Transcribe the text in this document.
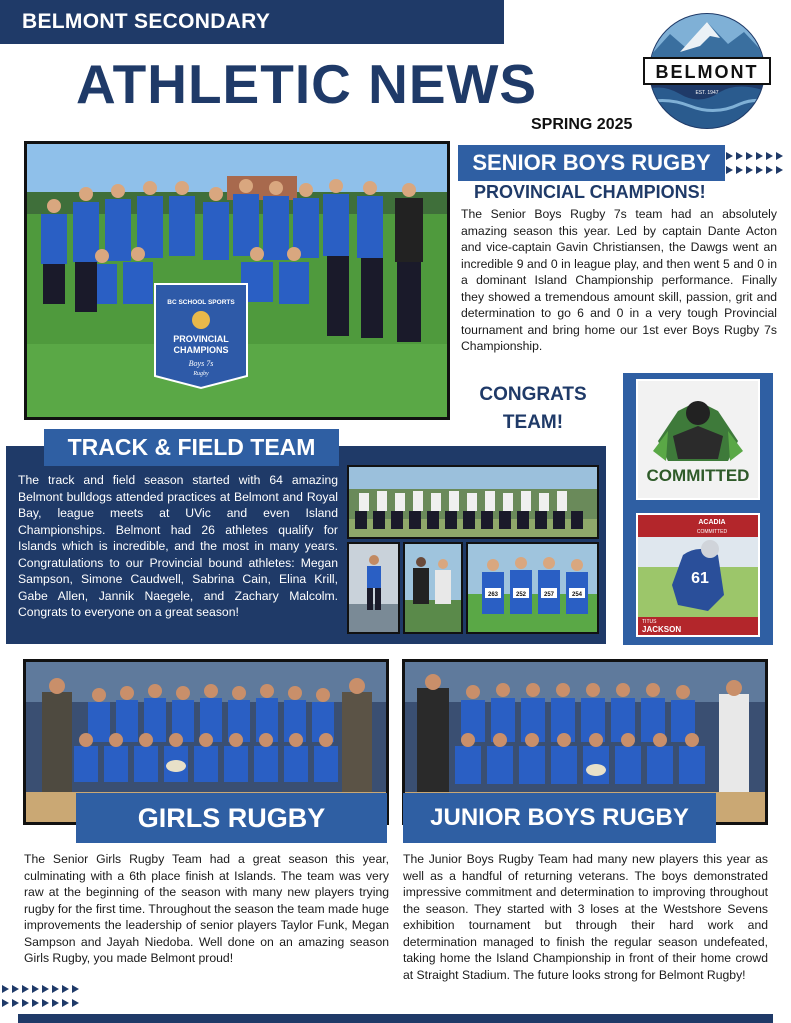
BELMONT SECONDARY
ATHLETIC NEWS
SPRING 2025
BELMONT
EST. 1947
BC SCHOOL SPORTS
PROVINCIAL
CHAMPIONS
Boys 7s
Rugby
SENIOR BOYS RUGBY
PROVINCIAL CHAMPIONS!
The Senior Boys Rugby 7s team had an absolutely amazing season this year. Led by captain Dante Acton and vice-captain Gavin Christiansen, the Dawgs went an incredible 9 and 0 in league play, and then went 5 and 0 in a dominant Island Championship performance. Finally they showed a tremendous amount skill, passion, grit and determination to go 6 and 0 in a very tough Provincial tournament and bring home our 1st ever Boys Rugby 7s Championship.
CONGRATS
TEAM!
COMMITTED
61
ACADIA
COMMITTED
TITUS
JACKSON
TRACK & FIELD TEAM
The track and field season started with 64 amazing Belmont bulldogs attended practices at Belmont and Royal Bay, league meets at UVic and even Island Championships. Belmont had 26 athletes qualify for Islands which is incredible, and the most in many years. Congratulations to our Provincial bound athletes: Megan Sampson, Simone Caudwell, Sabrina Cain, Elina Krill, Gabe Allen, Jannik Naegele, and Zachary Malcolm. Congrats to everyone on a great season!
263	252	257	254
GIRLS RUGBY	JUNIOR BOYS RUGBY
The Senior Girls Rugby Team had a great season this year, culminating with a 6th place finish at Islands. The team was very raw at the beginning of the season with many new players trying rugby for the first time. Throughout the season the team made huge improvements the leadership of senior players Taylor Funk, Megan Sampson and Jayah Niedoba. Well done on an amazing season Girls Rugby, you made Belmont proud!
The Junior Boys Rugby Team had many new players this year as well as a handful of returning veterans. The boys demonstrated impressive commitment and determination to improving throughout the season. They started with 3 loses at the Westshore Sevens exhibition tournament but through their hard work and determination managed to finish the regular season undefeated, taking home the Island Championship in front of their home crowd at Straight Stadium. The future looks strong for Belmont Rugby!
